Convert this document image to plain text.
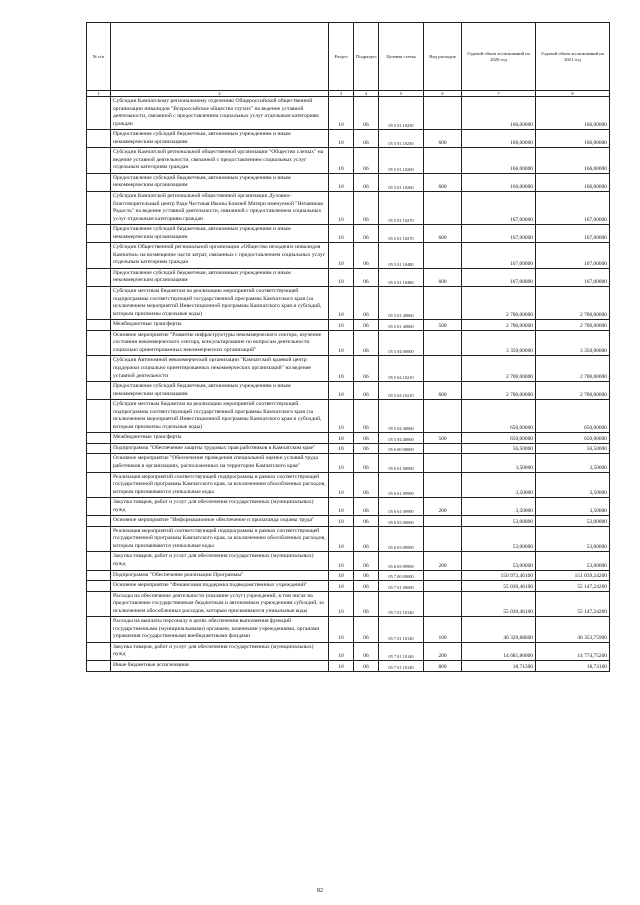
№ п/п		Раздел	Подраздел	Целевая статья	Вид расходов	Годовой объем ассигнований на 2020 год	Годовой объем ассигнований на 2021 год
1	2	3	4	5	6	7	8
	Субсидии Камчатскому региональному отделению Общероссийской общественной организации инвалидов "Всероссийское общество глухих" на ведение уставной деятельности, связанной с предоставлением социальных услуг отдельным категориям граждан	10	06	05 5 01 10250		166,00000	166,00000
	Предоставление субсидий бюджетным, автономным учреждениям и иным некоммерческим организациям	10	06	05 5 01 10250	600	166,00000	166,00000
	Субсидии Камчатской региональной общественной организации "Общество слепых" на ведение уставной деятельности, связанной с предоставлением социальных услуг отдельным категориям граждан	10	06	05 5 01 10260		166,00000	166,00000
	Предоставление субсидий бюджетным, автономным учреждениям и иным некоммерческим организациям	10	06	05 5 01 10260	600	166,00000	166,00000
	Субсидии Камчатской региональной общественной организации Духовно-благотворительный центр Ради Честныя Иконы Божией Матери именуемой "Нечаянная Радость" на ведение уставной деятельности, связанной с предоставлением социальных услуг отдельным категориям граждан	10	06	05 5 01 10270		167,00000	167,00000
	Предоставление субсидий бюджетным, автономным учреждениям и иным некоммерческим организациям	10	06	05 5 01 10270	600	167,00000	167,00000
	Субсидии Общественной региональной организации «Общество неходячих инвалидов Камчатки» на возмещение части затрат, связанных с предоставлением социальных услуг отдельным категориям граждан	10	06	05 5 01 10480		167,00000	167,00000
	Предоставление субсидий бюджетным, автономным учреждениям и иным некоммерческим организациям	10	06	05 5 01 10480	600	167,00000	167,00000
	Субсидии местным бюджетам на реализацию мероприятий соответствующей подпрограммы соответствующей государственной программы Камчатского края (за исключением мероприятий Инвестиционной программы Камчатского края и субсидий, которым присвоены отдельные коды)	10	06	05 5 01 40060		2 700,00000	2 700,00000
	Межбюджетные трансферты	10	06	05 5 01 40060	500	2 700,00000	2 700,00000
	Основное мероприятие "Развитие инфраструктуры некоммерческого сектора, изучение состояния некоммерческого сектора, консультирование по вопросам деятельности социально ориентированных некоммерческих организаций"	10	06	05 5 04 00000		3 350,00000	3 350,00000
	Субсидия Автономной некоммерческой организации "Камчатский краевой центр поддержки социально ориентированных некоммерческих организаций" на ведение уставной деятельности	10	06	05 5 04 10210		2 700,00000	2 700,00000
	Предоставление субсидий бюджетным, автономным учреждениям и иным некоммерческим организациям	10	06	05 5 04 10210	600	2 700,00000	2 700,00000
	Субсидии местным бюджетам на реализацию мероприятий соответствующей подпрограммы соответствующей государственной программы Камчатского края (за исключением мероприятий Инвестиционной программы Камчатского края и субсидий, которым присвоены отдельные коды)	10	06	05 5 04 40060		650,00000	650,00000
	Межбюджетные трансферты	10	06	05 5 04 40060	500	650,00000	650,00000
	Подпрограмма "Обеспечение защиты трудовых прав работников в Камчатском крае"	10	06	05 6 00 00000		56,50000	56,50000
	Основное мероприятие "Обеспечение проведения специальной оценки условий труда работников в организациях, расположенных на территории Камчатского края"	10	06	05 6 01 00000		3,50000	3,50000
	Реализация мероприятий соответствующей подпрограммы в рамках соответствующей государственной программы Камчатского края, за исключением обособленных расходов, которым присваиваются уникальные коды	10	06	05 6 01 09990		3,50000	3,50000
	Закупка товаров, работ и услуг для обеспечения государственных (муниципальных) нужд	10	06	05 6 01 09990	200	3,50000	3,50000
	Основное мероприятие "Информационное обеспечение и пропаганда охраны труда"	10	06	05 6 03 00000		53,00000	53,00000
	Реализация мероприятий соответствующей подпрограммы в рамках соответствующей государственной программы Камчатского края, за исключением обособленных расходов, которым присваиваются уникальные коды	10	06	05 6 03 09990		53,00000	53,00000
	Закупка товаров, работ и услуг для обеспечения государственных (муниципальных) нужд	10	06	05 6 03 09990	200	53,00000	53,00000
	Подпрограмма "Обеспечение реализации Программы"	10	06	05 7 00 00000		150 972,46100	151 039,24200
	Основное мероприятие "Финансовая поддержка подведомственных учреждений"	10	06	05 7 01 00000		55 030,46100	55 147,24200
	Расходы на обеспечение деятельности (оказание услуг) учреждений, в том числе на предоставление государственным бюджетным и автономным учреждениям субсидий, за исключением обособленных расходов, которым присваиваются уникальные коды	10	06	05 7 01 10140		55 030,46100	55 147,24200
	Расходы на выплаты персоналу в целях обеспечения выполнения функций государственными (муниципальными) органами, казенными учреждениями, органами управления государственными внебюджетными фондами	10	06	05 7 01 10140	100	40 329,88600	40 353,75900
	Закупка товаров, работ и услуг для обеспечения государственных (муниципальных) нужд	10	06	05 7 01 10140	200	14 681,86000	14 774,75200
	Иные бюджетные ассигнования	10	06	05 7 01 10140	800	18,71500	18,73100
82
